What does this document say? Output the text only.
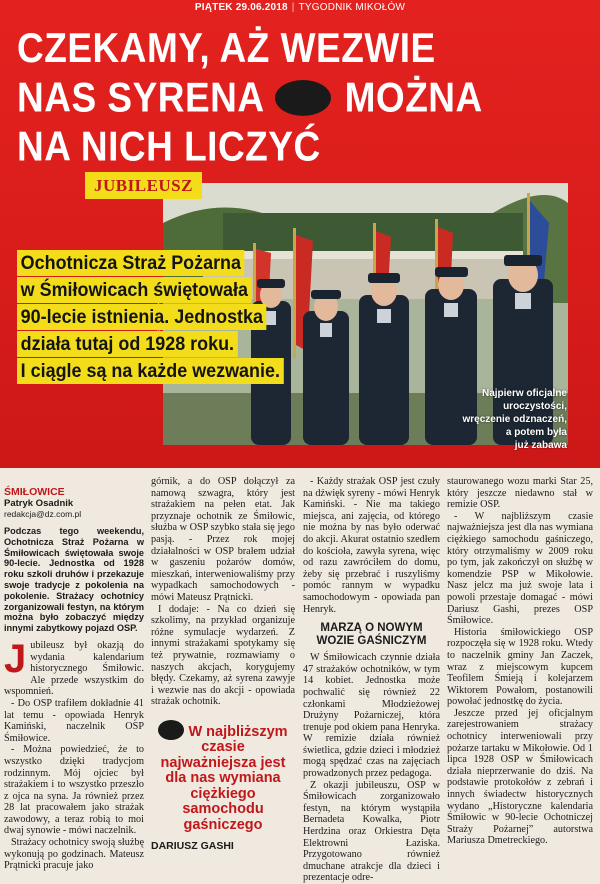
PIĄTEK 29.06.2018 | TYGODNIK MIKOŁÓW
CZEKAMY, AŻ WEZWIE
NAS SYRENA MOŻNA
NA NICH LICZYĆ
JUBILEUSZ
Ochotnicza Straż Pożarna
w Śmiłowicach świętowała
90-lecie istnienia. Jednostka
działa tutaj od 1928 roku.
I ciągle są na każde wezwanie.
Najpierw oficjalne
uroczystości,
wręczenie odznaczeń,
a potem była
już zabawa
ŚMIŁOWICE
Patryk Osadnik
redakcja@dz.com.pl

Podczas tego weekendu, Ochotnicza Straż Pożarna w Śmiłowicach świętowała swoje 90-lecie. Jednostka od 1928 roku szkoli druhów i przekazuje swoje tradycje z pokolenia na pokolenie. Strażacy ochotnicy zorganizowali festyn, na którym można było zobaczyć między innymi zabytkowy pojazd OSP.

J ubileusz był okazją do wydania kalendarium historycznego Śmiłowic. Ale przede wszystkim do wspomnień.

- Do OSP trafiłem dokładnie 41 lat temu - opowiada Henryk Kamiński, naczelnik OSP Śmiłowice.

- Można powiedzieć, że to wszystko dzięki tradycjom rodzinnym. Mój ojciec był strażakiem i to wszystko przeszło z ojca na syna. Ja również przez 28 lat pracowałem jako strażak zawodowy, a teraz robią to moi dwaj synowie - mówi naczelnik.

Strażacy ochotnicy swoją służbę wykonują po godzinach. Mateusz Prątnicki pracuje jako

górnik, a do OSP dołączył za namową szwagra, który jest strażakiem na pełen etat. Jak przyznaje ochotnik ze Śmiłowic, służba w OSP szybko stała się jego pasją. - Przez rok mojej działalności w OSP brałem udział w gaszeniu pożarów domów, mieszkań, interweniowaliśmy przy wypadkach samochodowych - mówi Mateusz Prątnicki.

I dodaje: - Na co dzień się szkolimy, na przykład organizuje różne symulacje wydarzeń. Z innymi strażakami spotykamy się też prywatnie, rozmawiamy o naszych akcjach, korygujemy błędy. Czekamy, aż syrena zawyje i wezwie nas do akcji - opowiada strażak ochotnik.

W najbliższym
czasie
najważniejsza jest
dla nas wymiana
ciężkiego
samochodu
gaśniczego
DARIUSZ GASHI

- Każdy strażak OSP jest czuły na dźwięk syreny - mówi Henryk Kamiński. - Nie ma takiego miejsca, ani zajęcia, od którego nie można by nas było oderwać do akcji. Akurat ostatnio szedłem do kościoła, zawyła syrena, więc od razu zawróciłem do domu, żeby się przebrać i ruszyliśmy pomóc rannym w wypadku samochodowym - opowiada pan Henryk.

MARZĄ O NOWYM WOZIE GAŚNICZYM

W Śmiłowicach czynnie działa 47 strażaków ochotników, w tym 14 kobiet. Jednostka może pochwalić się również 22 członkami Młodzieżowej Drużyny Pożarniczej, która trenuje pod okiem pana Henryka. W remizie działa również świetlica, gdzie dzieci i młodzież mogą spędzać czas na zajęciach prowadzonych przez pedagoga.

Z okazji jubileuszu, OSP w Śmiłowicach zorganizowało festyn, na którym wystąpiła Bernadeta Kowalka, Piotr Herdzina oraz Orkiestra Dęta Elektrowni Łaziska. Przygotowano również dmuchane atrakcje dla dzieci i prezentacje odre-

staurowanego wozu marki Star 25, który jeszcze niedawno stał w remizie OSP.

- W najbliższym czasie najważniejsza jest dla nas wymiana ciężkiego samochodu gaśniczego, który otrzymaliśmy w 2009 roku po tym, jak zakończył on służbę w komendzie PSP w Mikołowie. Nasz jelcz ma już swoje lata i powoli przestaje domagać - mówi Dariusz Gashi, prezes OSP Śmiłowice.

Historia śmiłowickiego OSP rozpoczęła się w 1928 roku. Wtedy to naczelnik gminy Jan Zaczek, wraz z miejscowym kupcem Teofilem Śmieją i kolejarzem Wiktorem Powałom, postanowili powołać jednostkę do życia.

Jeszcze przed jej oficjalnym zarejestrowaniem strażacy ochotnicy interweniowali przy pożarze tartaku w Mikołowie. Od 1 lipca 1928 OSP w Śmiłowicach działa nieprzerwanie do dziś. Na podstawie protokołów z zebrań i innych świadectw historycznych wydano „Historyczne kalendaria Śmiłowic w 90-lecie Ochotniczej Straży Pożarnej” autorstwa Mariusza Dmetreckiego.
